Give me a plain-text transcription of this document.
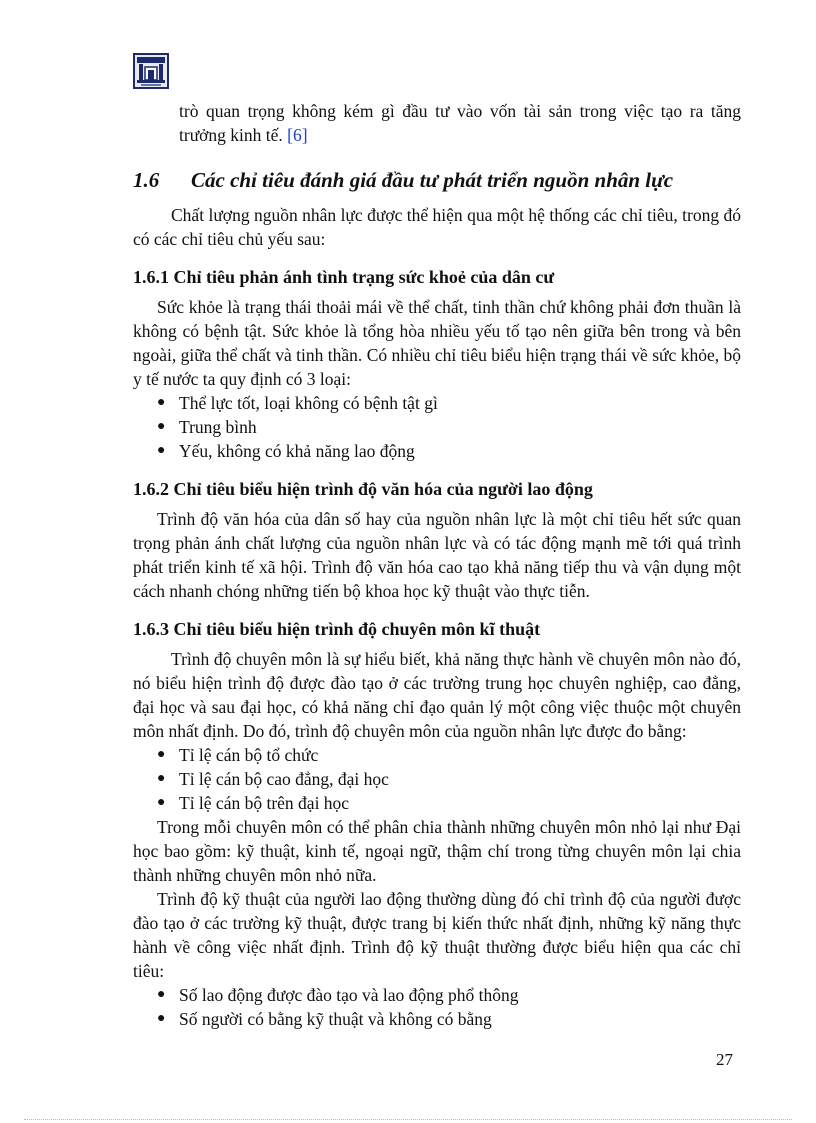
trò quan trọng không kém gì đầu tư vào vốn tài sản trong việc tạo ra tăng trưởng kinh tế. [6]

1.6 Các chỉ tiêu đánh giá đầu tư phát triển nguồn nhân lực

Chất lượng nguồn nhân lực được thể hiện qua một hệ thống các chỉ tiêu, trong đó có các chỉ tiêu chủ yếu sau:

1.6.1 Chỉ tiêu phản ánh tình trạng sức khoẻ của dân cư

Sức khỏe là trạng thái thoải mái về thể chất, tinh thần chứ không phải đơn thuần là không có bệnh tật. Sức khỏe là tổng hòa nhiều yếu tố tạo nên giữa bên trong và bên ngoài, giữa thể chất và tinh thần. Có nhiều chỉ tiêu biểu hiện trạng thái về sức khỏe, bộ y tế nước ta quy định có 3 loại:

● Thể lực tốt, loại không có bệnh tật gì
● Trung bình
● Yếu, không có khả năng lao động
1.6.2 Chỉ tiêu biểu hiện trình độ văn hóa của người lao động

Trình độ văn hóa của dân số hay của nguồn nhân lực là một chỉ tiêu hết sức quan trọng phản ánh chất lượng của nguồn nhân lực và có tác động mạnh mẽ tới quá trình phát triển kinh tế xã hội. Trình độ văn hóa cao tạo khả năng tiếp thu và vận dụng một cách nhanh chóng những tiến bộ khoa học kỹ thuật vào thực tiễn.

1.6.3 Chỉ tiêu biểu hiện trình độ chuyên môn kĩ thuật

Trình độ chuyên môn là sự hiểu biết, khả năng thực hành về chuyên môn nào đó, nó biểu hiện trình độ được đào tạo ở các trường trung học chuyên nghiệp, cao đẳng, đại học và sau đại học, có khả năng chỉ đạo quản lý một công việc thuộc một chuyên môn nhất định. Do đó, trình độ chuyên môn của nguồn nhân lực được đo bằng:

● Tỉ lệ cán bộ tổ chức
● Tỉ lệ cán bộ cao đẳng, đại học
● Tỉ lệ cán bộ trên đại học

Trong mỗi chuyên môn có thể phân chia thành những chuyên môn nhỏ lại như Đại học bao gồm: kỹ thuật, kinh tế, ngoại ngữ, thậm chí trong từng chuyên môn lại chia thành những chuyên môn nhỏ nữa.

Trình độ kỹ thuật của người lao động thường dùng đó chỉ trình độ của người được đào tạo ở các trường kỹ thuật, được trang bị kiến thức nhất định, những kỹ năng thực hành về công việc nhất định. Trình độ kỹ thuật thường được biểu hiện qua các chỉ tiêu:

● Số lao động được đào tạo và lao động phổ thông
● Số người có bằng kỹ thuật và không có bằng
27
